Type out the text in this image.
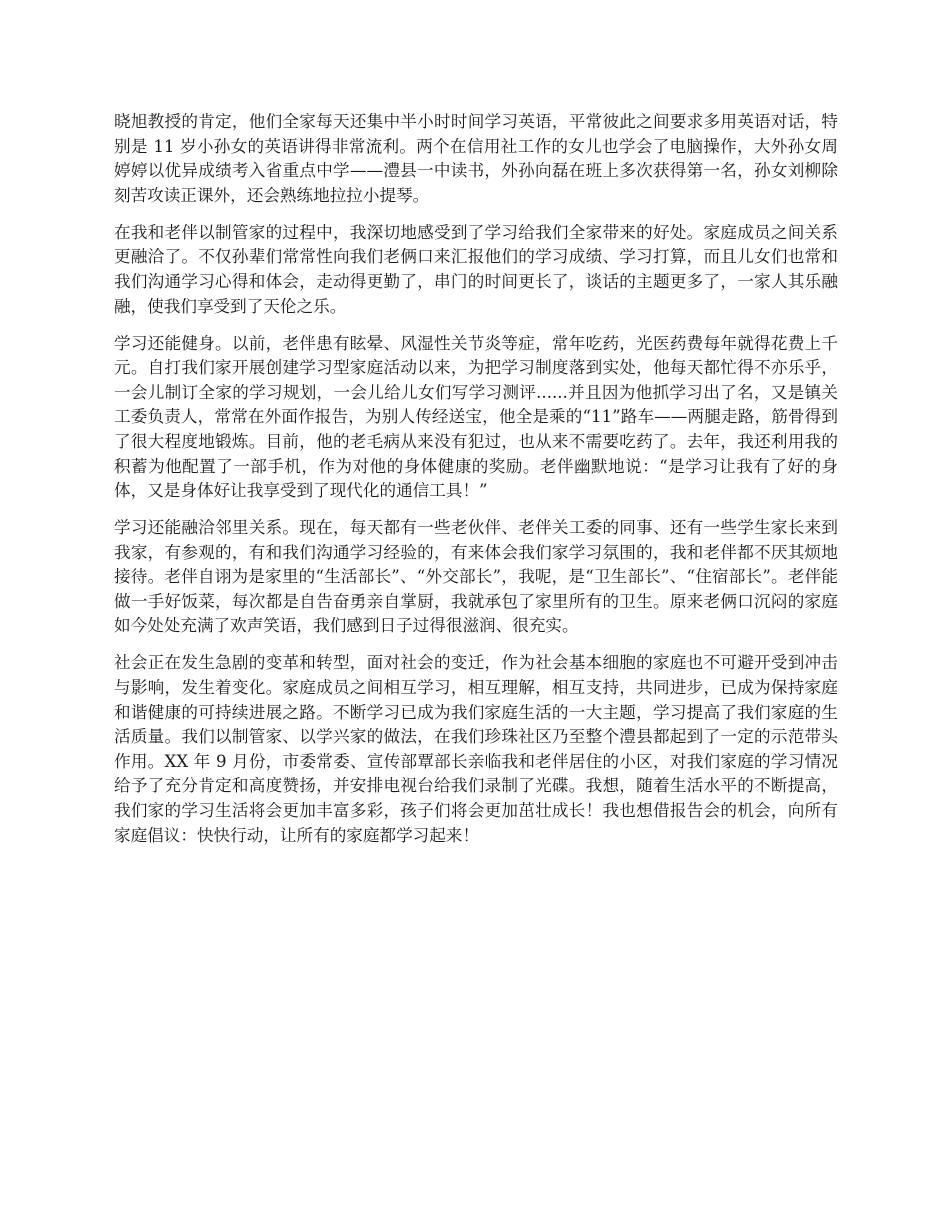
晓旭教授的肯定，他们全家每天还集中半小时时间学习英语，平常彼此之间要求多用英语对话，特别是 11 岁小孙女的英语讲得非常流利。两个在信用社工作的女儿也学会了电脑操作，大外孙女周婷婷以优异成绩考入省重点中学——澧县一中读书，外孙向磊在班上多次获得第一名，孙女刘柳除刻苦攻读正课外，还会熟练地拉拉小提琴。

在我和老伴以制管家的过程中，我深切地感受到了学习给我们全家带来的好处。家庭成员之间关系更融洽了。不仅孙辈们常常性向我们老俩口来汇报他们的学习成绩、学习打算，而且儿女们也常和我们沟通学习心得和体会，走动得更勤了，串门的时间更长了，谈话的主题更多了，一家人其乐融融，使我们享受到了天伦之乐。

学习还能健身。以前，老伴患有眩晕、风湿性关节炎等症，常年吃药，光医药费每年就得花费上千元。自打我们家开展创建学习型家庭活动以来，为把学习制度落到实处，他每天都忙得不亦乐乎，一会儿制订全家的学习规划，一会儿给儿女们写学习测评......并且因为他抓学习出了名，又是镇关工委负责人，常常在外面作报告，为别人传经送宝，他全是乘的“11”路车——两腿走路，筋骨得到了很大程度地锻炼。目前，他的老毛病从来没有犯过，也从来不需要吃药了。去年，我还利用我的积蓄为他配置了一部手机，作为对他的身体健康的奖励。老伴幽默地说：“是学习让我有了好的身体，又是身体好让我享受到了现代化的通信工具！”

学习还能融洽邻里关系。现在，每天都有一些老伙伴、老伴关工委的同事、还有一些学生家长来到我家，有参观的，有和我们沟通学习经验的，有来体会我们家学习氛围的，我和老伴都不厌其烦地接待。老伴自诩为是家里的“生活部长”、“外交部长”，我呢，是“卫生部长”、“住宿部长”。老伴能做一手好饭菜，每次都是自告奋勇亲自掌厨，我就承包了家里所有的卫生。原来老俩口沉闷的家庭如今处处充满了欢声笑语，我们感到日子过得很滋润、很充实。

社会正在发生急剧的变革和转型，面对社会的变迁，作为社会基本细胞的家庭也不可避开受到冲击与影响，发生着变化。家庭成员之间相互学习，相互理解，相互支持，共同进步，已成为保持家庭和谐健康的可持续进展之路。不断学习已成为我们家庭生活的一大主题，学习提高了我们家庭的生活质量。我们以制管家、以学兴家的做法，在我们珍珠社区乃至整个澧县都起到了一定的示范带头作用。XX 年 9 月份，市委常委、宣传部覃部长亲临我和老伴居住的小区，对我们家庭的学习情况给予了充分肯定和高度赞扬，并安排电视台给我们录制了光碟。我想，随着生活水平的不断提高，我们家的学习生活将会更加丰富多彩，孩子们将会更加茁壮成长！我也想借报告会的机会，向所有家庭倡议：快快行动，让所有的家庭都学习起来！
